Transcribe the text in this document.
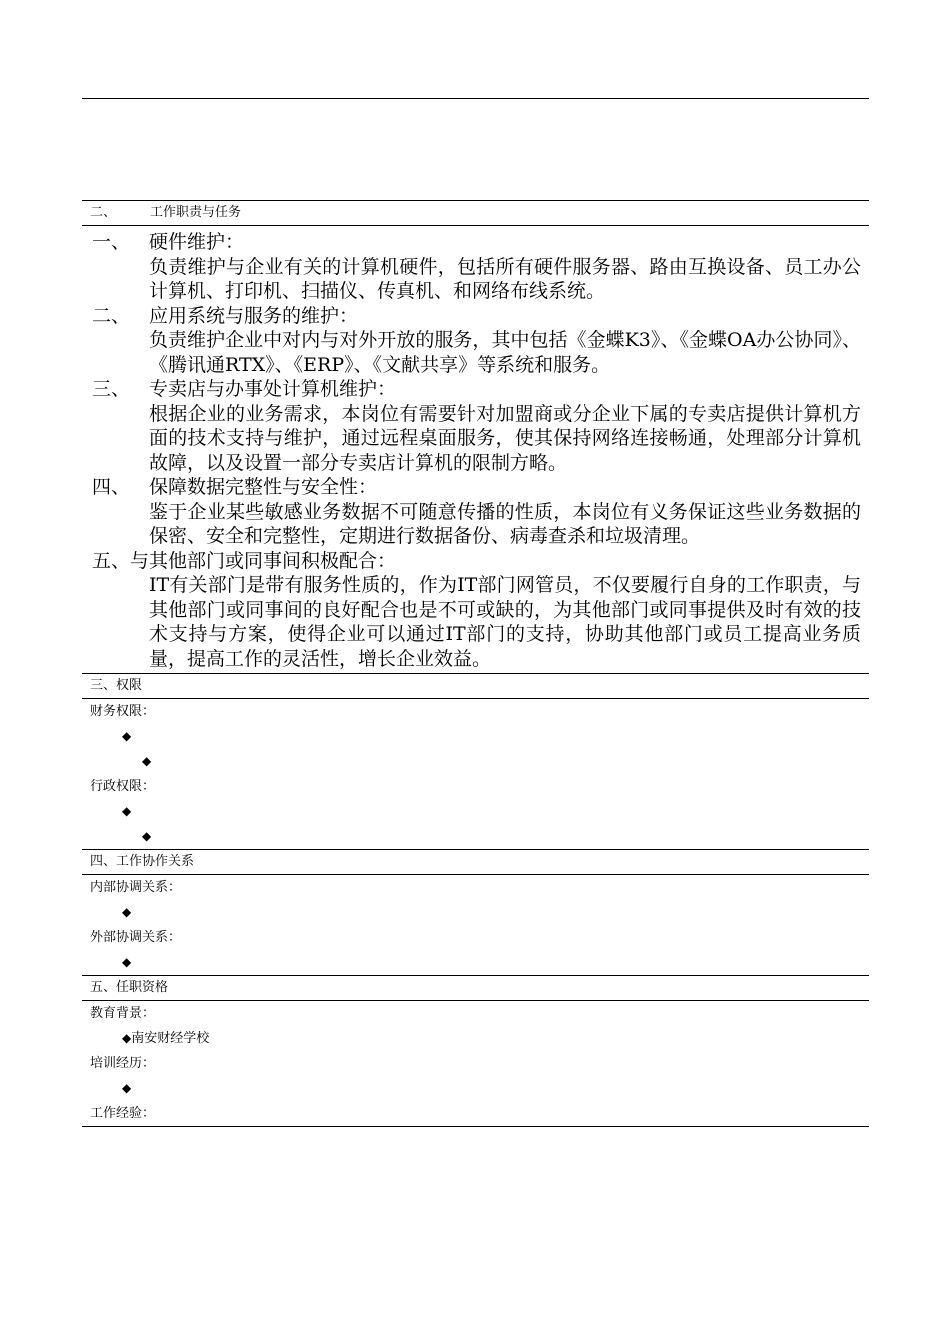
二、	工作职责与任务
一、 硬件维护：
负责维护与企业有关的计算机硬件，包括所有硬件服务器、路由互换设备、员工办公计算机、打印机、扫描仪、传真机、和网络布线系统。
二、 应用系统与服务的维护：
负责维护企业中对内与对外开放的服务，其中包括《金蝶K3》、《金蝶OA办公协同》、《腾讯通RTX》、《ERP》、《文献共享》等系统和服务。
三、 专卖店与办事处计算机维护：
根据企业的业务需求，本岗位有需要针对加盟商或分企业下属的专卖店提供计算机方面的技术支持与维护，通过远程桌面服务，使其保持网络连接畅通，处理部分计算机故障，以及设置一部分专卖店计算机的限制方略。
四、 保障数据完整性与安全性：
鉴于企业某些敏感业务数据不可随意传播的性质，本岗位有义务保证这些业务数据的保密、安全和完整性，定期进行数据备份、病毒查杀和垃圾清理。
五、与其他部门或同事间积极配合：
IT有关部门是带有服务性质的，作为IT部门网管员，不仅要履行自身的工作职责，与其他部门或同事间的良好配合也是不可或缺的，为其他部门或同事提供及时有效的技术支持与方案，使得企业可以通过IT部门的支持，协助其他部门或员工提高业务质量，提高工作的灵活性，增长企业效益。
三、权限
财务权限：
◆
◆
行政权限：
◆
◆
四、工作协作关系
内部协调关系：
◆
外部协调关系：
◆
五、任职资格
教育背景：
◆南安财经学校
培训经历：
◆
工作经验：
